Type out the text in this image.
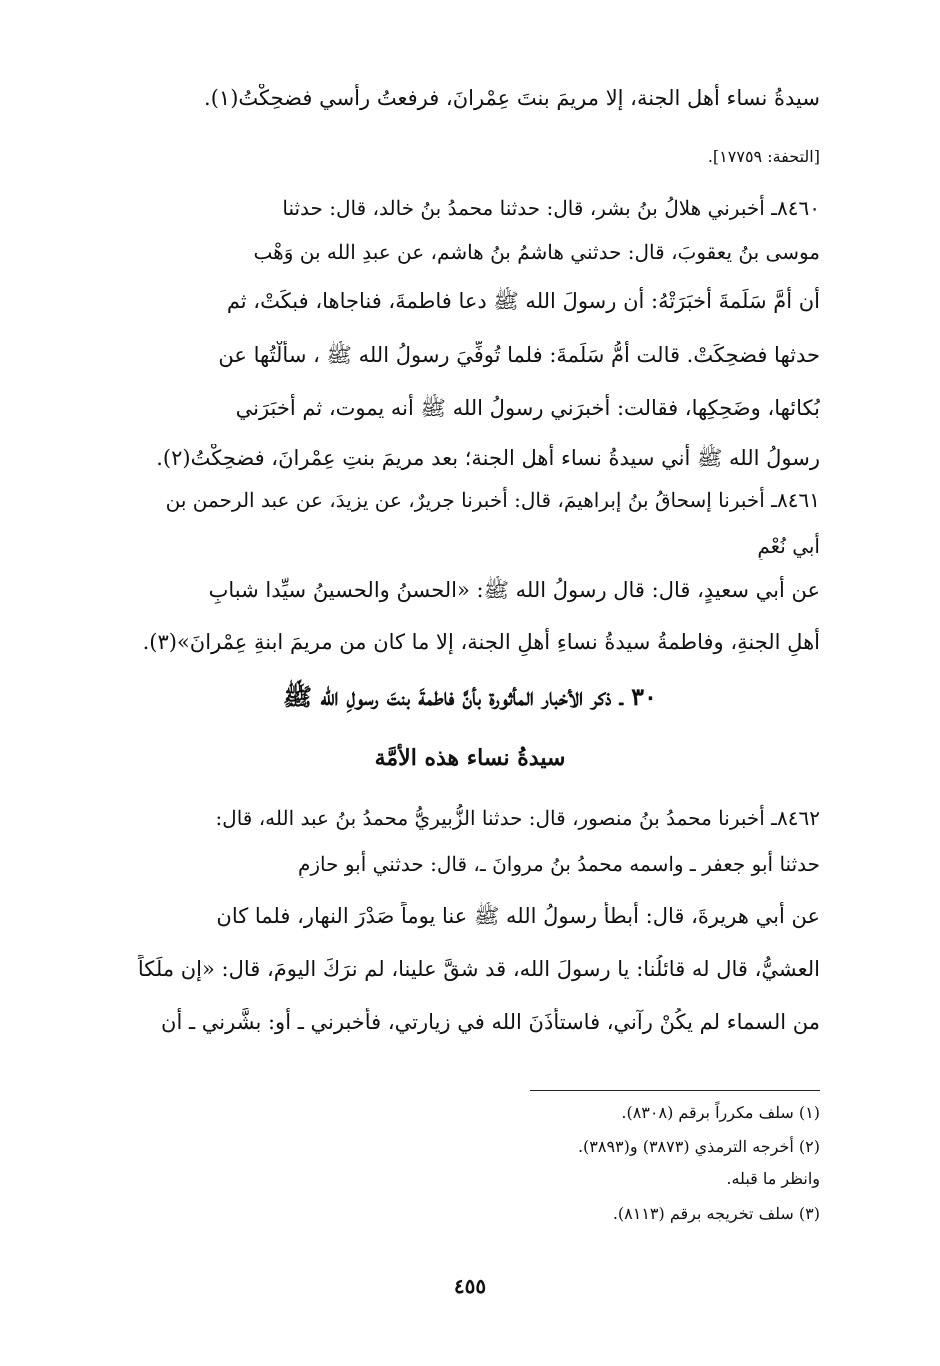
سيدةُ نساء أهل الجنة، إلا مريمَ بنتَ عِمْرانَ، فرفعتُ رأسي فضحِكْتُ(١).
[التحفة: ١٧٧٥٩].
٨٤٦٠ـ أخبرني هلالُ بنُ بشر، قال: حدثنا محمدُ بنُ خالد، قال: حدثنا
موسى بنُ يعقوبَ، قال: حدثني هاشمُ بنُ هاشم، عن عبدِ الله بن وَهْب
أن أمَّ سَلَمةَ أخبَرَتْهُ: أن رسولَ الله ﷺ دعا فاطمةَ، فناجاها، فبكَتْ، ثم
حدثها فضحِكَتْ. قالت أمُّ سَلَمةَ: فلما تُوفِّيَ رسولُ الله ﷺ ، سألْتُها عن
بُكائها، وضَحِكِها، فقالت: أخبرَني رسولُ الله ﷺ أنه يموت، ثم أخبَرَني
رسولُ الله ﷺ أني سيدةُ نساء أهل الجنة؛ بعد مريمَ بنتِ عِمْرانَ، فضحِكْتُ(٢).
٨٤٦١ـ أخبرنا إسحاقُ بنُ إبراهيمَ، قال: أخبرنا جريرٌ، عن يزيدَ، عن عبد الرحمن بن
أبي نُعْمٍ
عن أبي سعيدٍ، قال: قال رسولُ الله ﷺ: «الحسنُ والحسينُ سيِّدا شبابِ
أهلِ الجنةِ، وفاطمةُ سيدةُ نساءِ أهلِ الجنة، إلا ما كان من مريمَ ابنةِ عِمْرانَ»(٣).
٣٠ ـ ذكر الأخبار المأثورة بأنَّ فاطمةَ بنتَ رسولِ الله ﷺ
سيدةُ نساء هذه الأمَّة
٨٤٦٢ـ أخبرنا محمدُ بنُ منصور، قال: حدثنا الزُّبيريُّ محمدُ بنُ عبد الله، قال:
حدثنا أبو جعفر ـ واسمه محمدُ بنُ مروانَ ـ، قال: حدثني أبو حازمٍ
عن أبي هريرةَ، قال: أبطأَ رسولُ الله ﷺ عنا يوماً صَدْرَ النهار، فلما كان
العشيُّ، قال له قائلُنا: يا رسولَ الله، قد شقَّ علينا، لم نرَكَ اليومَ، قال: «إن ملَكاً
من السماء لم يكُنْ رآني، فاستأذَنَ الله في زيارتي، فأخبرني ـ أو: بشَّرني ـ أن
(١) سلف مكرراً برقم (٨٣٠٨).
(٢) أخرجه الترمذي (٣٨٧٣) و(٣٨٩٣).
وانظر ما قبله.
(٣) سلف تخريجه برقم (٨١١٣).
٤٥٥
